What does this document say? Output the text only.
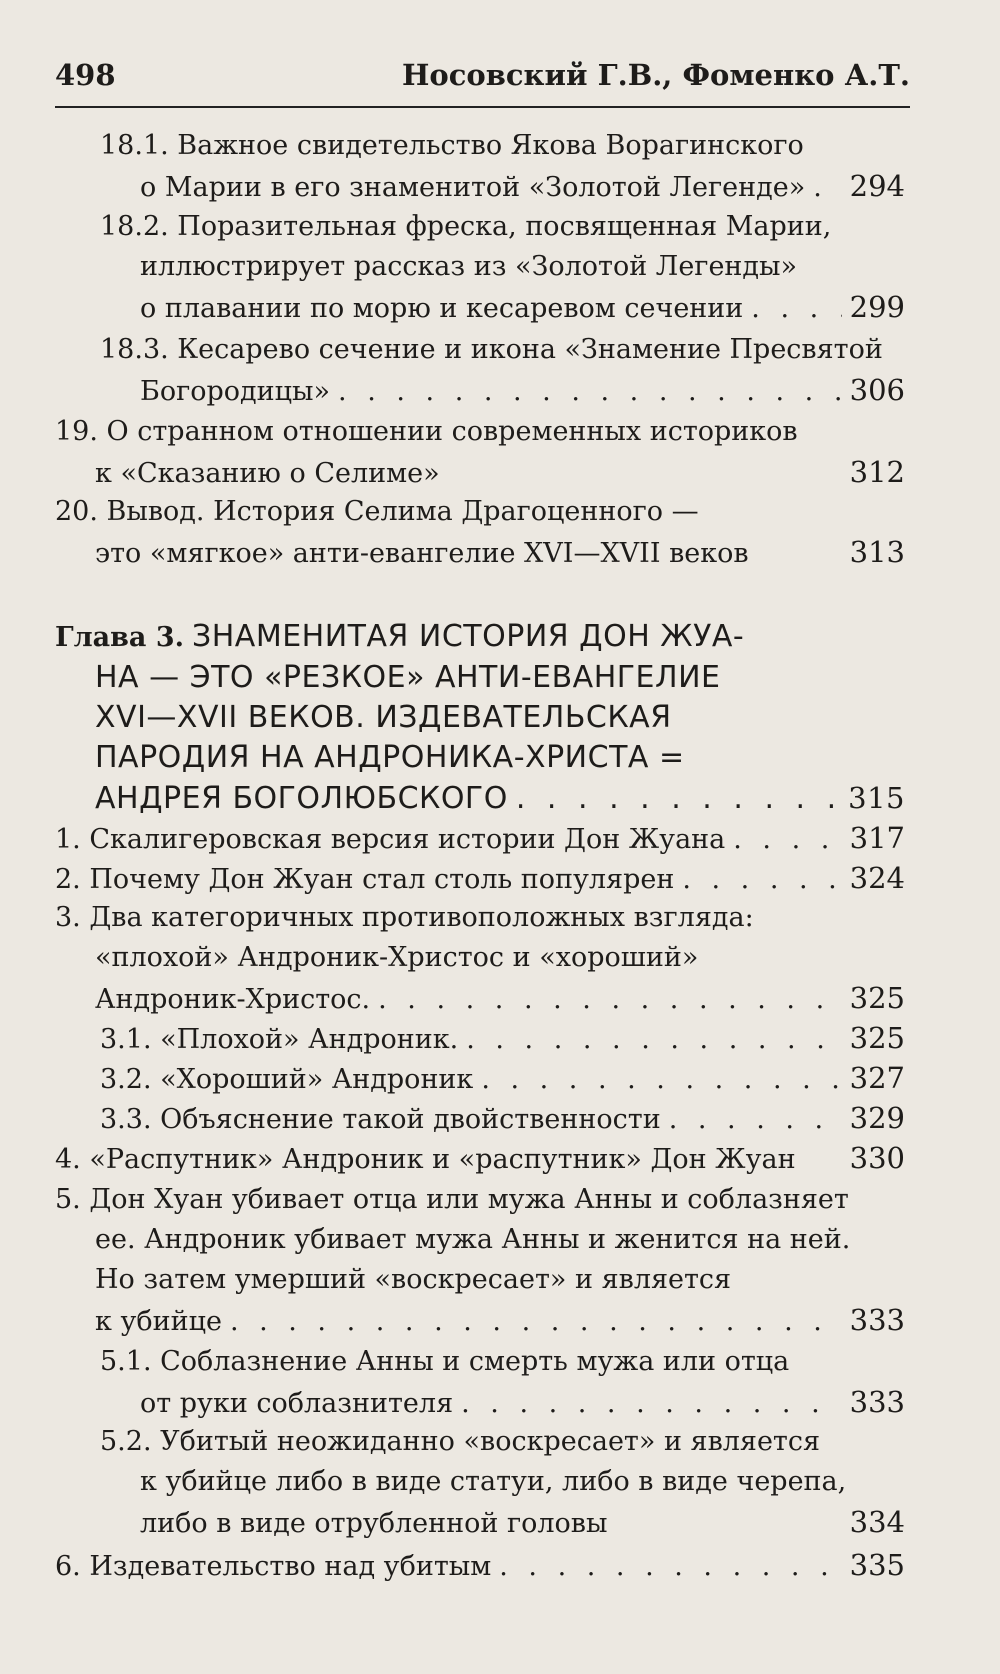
498	Носовский Г.В., Фоменко А.Т.
18.1. Важное свидетельство Якова Ворагинского
о Марии в его знаменитой «Золотой Легенде» . . . 294
18.2. Поразительная фреска, посвященная Марии,
иллюстрирует рассказ из «Золотой Легенды»
о плавании по морю и кесаревом сечении . . .	299
18.3. Кесарево сечение и икона «Знамение Пресвятой
Богородицы» . . .	306
19. О странном отношении современных историков
к «Сказанию о Селиме»	312
20. Вывод. История Селима Драгоценного —
это «мягкое» анти-евангелие XVI—XVII веков	313
Глава 3. ЗНАМЕНИТАЯ ИСТОРИЯ ДОН ЖУА-
НА — ЭТО «РЕЗКОЕ» АНТИ-ЕВАНГЕЛИЕ
XVI—XVII ВЕКОВ. ИЗДЕВАТЕЛЬСКАЯ
ПАРОДИЯ НА АНДРОНИКА-ХРИСТА =
АНДРЕЯ БОГОЛЮБСКОГО . . .	315
1. Скалигеровская версия истории Дон Жуана . . .	317
2. Почему Дон Жуан стал столь популярен . . .	324
3. Два категоричных противоположных взгляда:
«плохой» Андроник-Христос и «хороший»
Андроник-Христос. . . .	325
3.1. «Плохой» Андроник. . . .	325
3.2. «Хороший» Андроник . . .	327
3.3. Объяснение такой двойственности . . .	329
4. «Распутник» Андроник и «распутник» Дон Жуан 330
5. Дон Хуан убивает отца или мужа Анны и соблазняет
ее. Андроник убивает мужа Анны и женится на ней.
Но затем умерший «воскресает» и является
к убийце . . .	333
5.1. Соблазнение Анны и смерть мужа или отца
от руки соблазнителя . . .	333
5.2. Убитый неожиданно «воскресает» и является
к убийце либо в виде статуи, либо в виде черепа,
либо в виде отрубленной головы	334
6. Издевательство над убитым . . .	335
